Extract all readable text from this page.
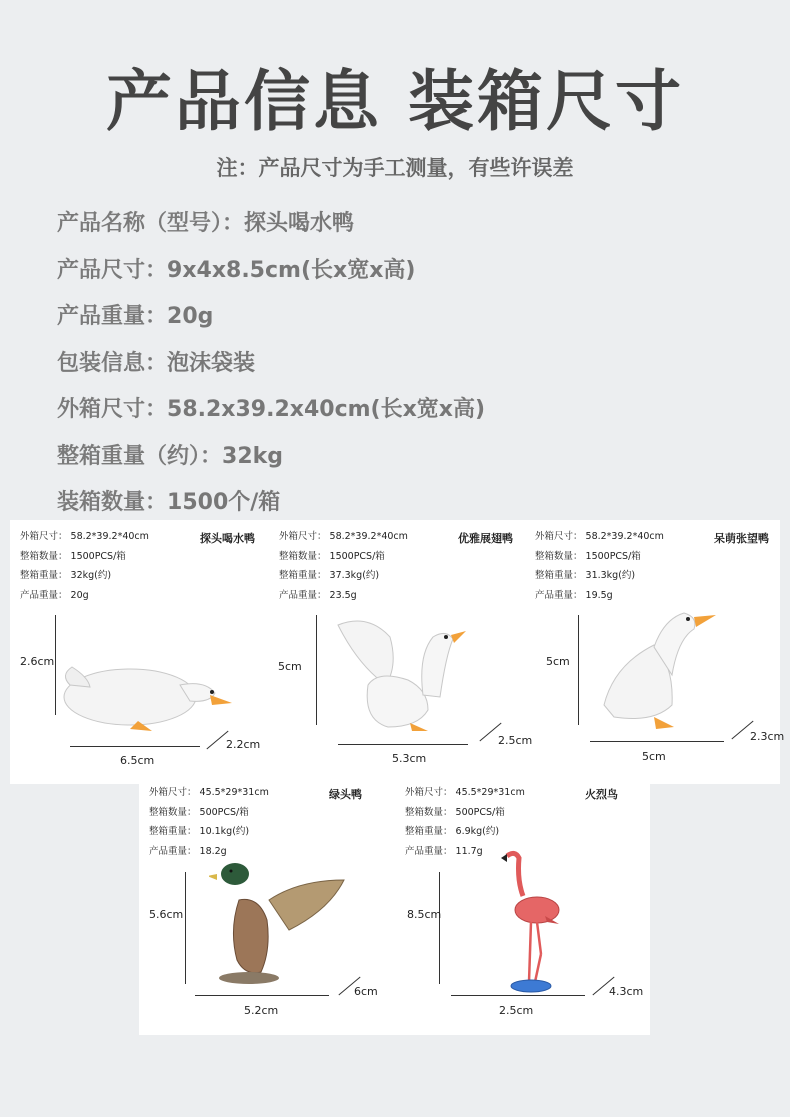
产品信息 装箱尺寸
注：产品尺寸为手工测量，有些许误差
产品名称（型号）：探头喝水鸭
产品尺寸：9x4x8.5cm(长x宽x高)
产品重量：20g
包装信息：泡沫袋装
外箱尺寸：58.2x39.2x40cm(长x宽x高)
整箱重量（约）：32kg
装箱数量：1500个/箱
外箱尺寸： 58.2*39.2*40cm
整箱数量： 1500PCS/箱
整箱重量： 32kg(约)
产品重量： 20g
探头喝水鸭
2.6cm
6.5cm
2.2cm
外箱尺寸： 58.2*39.2*40cm
整箱数量： 1500PCS/箱
整箱重量： 37.3kg(约)
产品重量： 23.5g
优雅展翅鸭
5cm
5.3cm
2.5cm
外箱尺寸： 58.2*39.2*40cm
整箱数量： 1500PCS/箱
整箱重量： 31.3kg(约)
产品重量： 19.5g
呆萌张望鸭
5cm
5cm
2.3cm
外箱尺寸： 45.5*29*31cm
整箱数量： 500PCS/箱
整箱重量： 10.1kg(约)
产品重量： 18.2g
绿头鸭
5.6cm
5.2cm
6cm
外箱尺寸： 45.5*29*31cm
整箱数量： 500PCS/箱
整箱重量： 6.9kg(约)
产品重量： 11.7g
火烈鸟
8.5cm
2.5cm
4.3cm
